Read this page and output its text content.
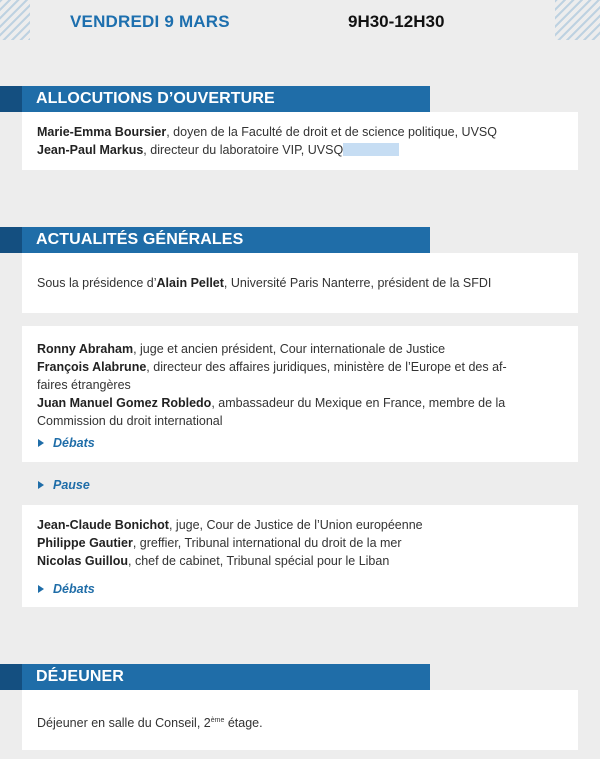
VENDREDI 9 MARS	9H30-12H30
ALLOCUTIONS D’OUVERTURE
Marie-Emma Boursier, doyen de la Faculté de droit et de science politique, UVSQ
Jean-Paul Markus, directeur du laboratoire VIP, UVSQ
ACTUALITÉS GÉNÉRALES
Sous la présidence d’Alain Pellet, Université Paris Nanterre, président de la SFDI
Ronny Abraham, juge et ancien président, Cour internationale de Justice
François Alabrune, directeur des affaires juridiques, ministère de l’Europe et des af-
faires étrangères
Juan Manuel Gomez Robledo, ambassadeur du Mexique en France, membre de la
Commission du droit international
Débats
Pause
Jean-Claude Bonichot, juge, Cour de Justice de l’Union européenne
Philippe Gautier, greffier, Tribunal international du droit de la mer
Nicolas Guillou, chef de cabinet, Tribunal spécial pour le Liban
Débats
DÉJEUNER
Déjeuner en salle du Conseil, 2ème étage.
